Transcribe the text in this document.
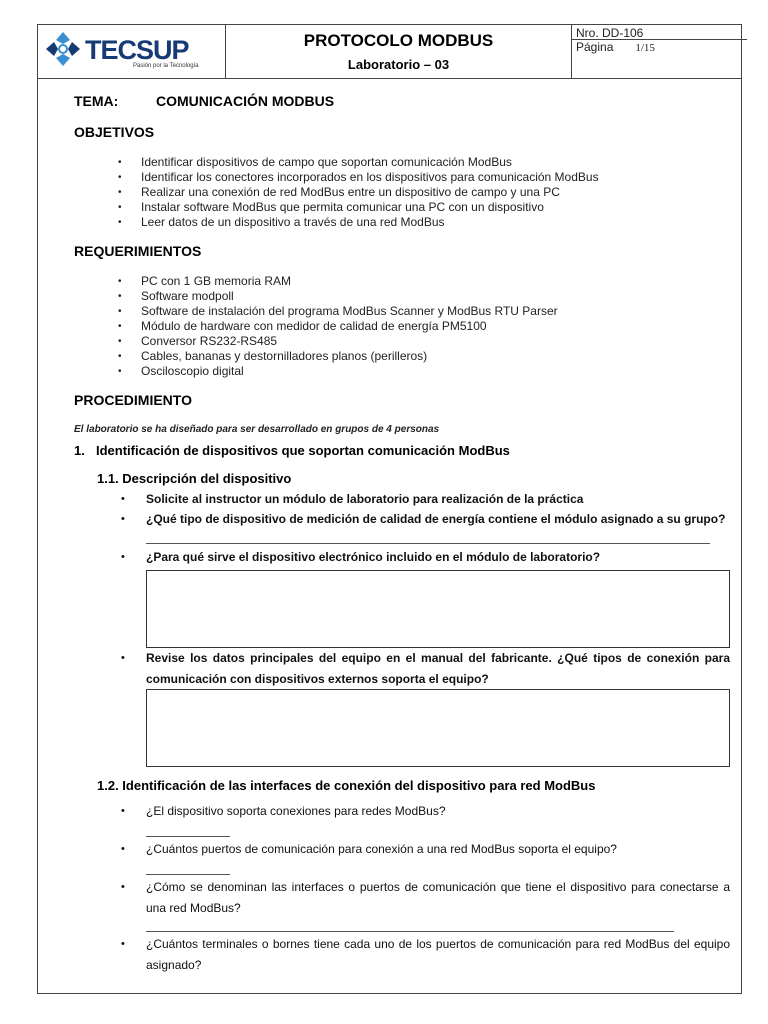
TECSUP
Pasión por la Tecnología
PROTOCOLO MODBUS
Laboratorio – 03
Nro. DD-106
Página 1/15
TEMA:	COMUNICACIÓN MODBUS
OBJETIVOS
• Identificar dispositivos de campo que soportan comunicación ModBus
• Identificar los conectores incorporados en los dispositivos para comunicación ModBus
• Realizar una conexión de red ModBus entre un dispositivo de campo y una PC
• Instalar software ModBus que permita comunicar una PC con un dispositivo
• Leer datos de un dispositivo a través de una red ModBus
REQUERIMIENTOS
• PC con 1 GB memoria RAM
• Software modpoll
• Software de instalación del programa ModBus Scanner y ModBus RTU Parser
• Módulo de hardware con medidor de calidad de energía PM5100
• Conversor RS232-RS485
• Cables, bananas y destornilladores planos (perilleros)
• Osciloscopio digital
PROCEDIMIENTO
El laboratorio se ha diseñado para ser desarrollado en grupos de 4 personas
1. Identificación de dispositivos que soportan comunicación ModBus
1.1. Descripción del dispositivo
• Solicite al instructor un módulo de laboratorio para realización de la práctica
• ¿Qué tipo de dispositivo de medición de calidad de energía contiene el módulo asignado a su grupo?
• ¿Para qué sirve el dispositivo electrónico incluido en el módulo de laboratorio?
• Revise los datos principales del equipo en el manual del fabricante. ¿Qué tipos de conexión para comunicación con dispositivos externos soporta el equipo?
1.2. Identificación de las interfaces de conexión del dispositivo para red ModBus
• ¿El dispositivo soporta conexiones para redes ModBus?
• ¿Cuántos puertos de comunicación para conexión a una red ModBus soporta el equipo?
• ¿Cómo se denominan las interfaces o puertos de comunicación que tiene el dispositivo para conectarse a una red ModBus?
• ¿Cuántos terminales o bornes tiene cada uno de los puertos de comunicación para red ModBus del equipo asignado?
